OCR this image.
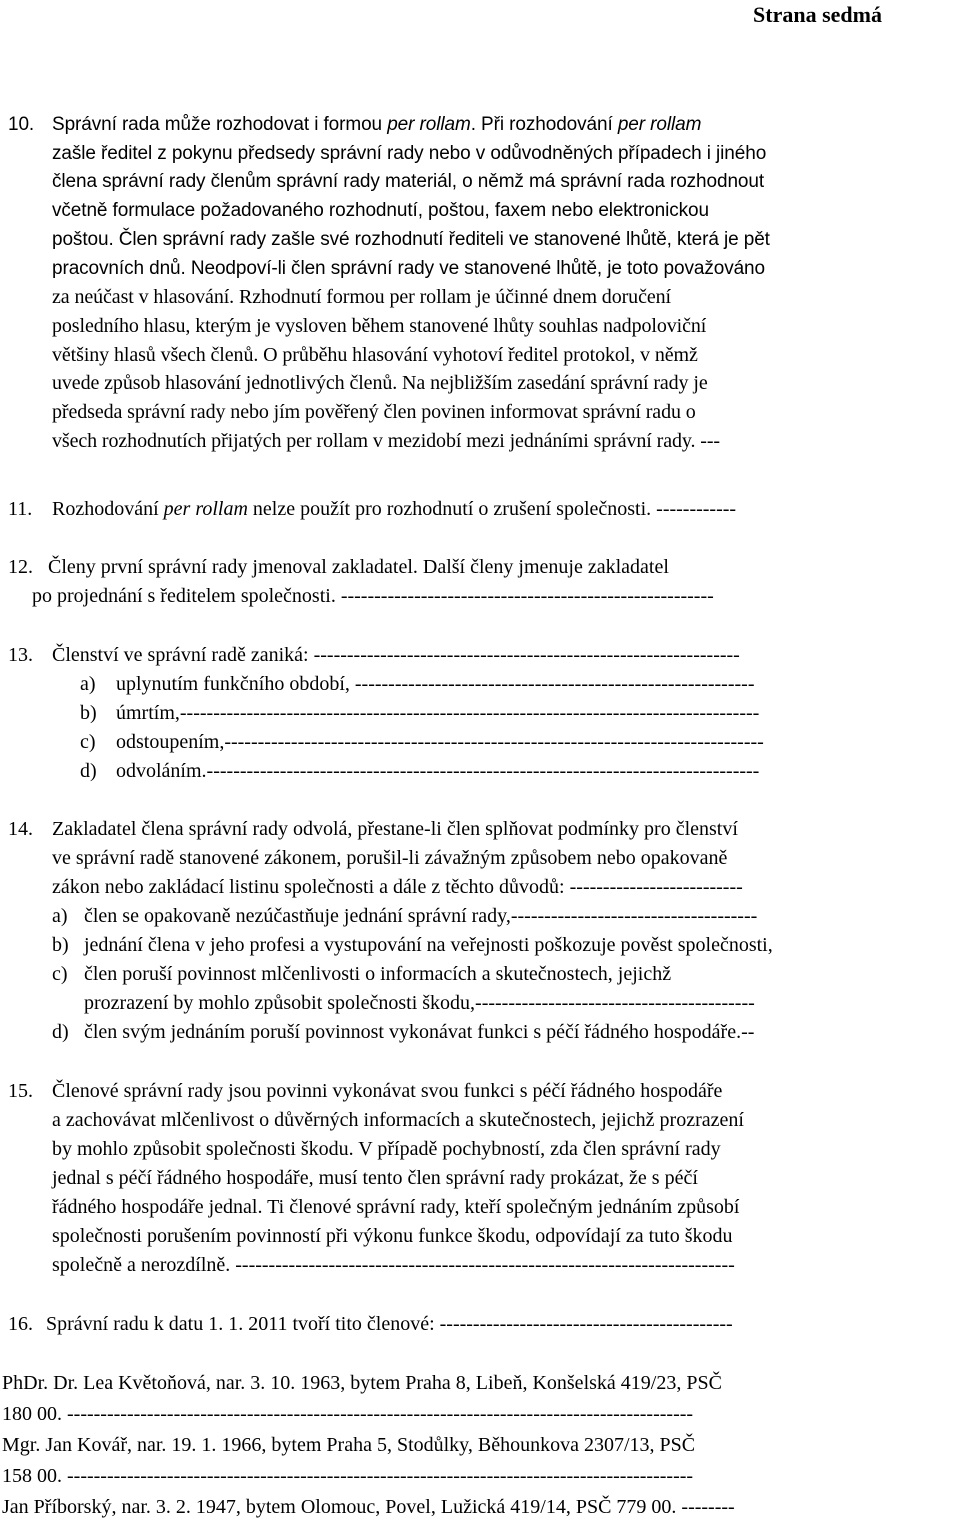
Strana sedmá
10. Správní rada může rozhodovat i formou per rollam. Při rozhodování per rollam
zašle ředitel z pokynu předsedy správní rady nebo v odůvodněných případech i jiného
člena správní rady členům správní rady materiál, o němž má správní rada rozhodnout
včetně formulace požadovaného rozhodnutí, poštou, faxem nebo elektronickou
poštou. Člen správní rady zašle své rozhodnutí řediteli ve stanovené lhůtě, která je pět
pracovních dnů. Neodpoví-li člen správní rady ve stanovené lhůtě, je toto považováno
za neúčast v hlasování. Rzhodnutí formou per rollam je účinné dnem doručení
posledního hlasu, kterým je vysloven během stanovené lhůty souhlas nadpoloviční
většiny hlasů všech členů. O průběhu hlasování vyhotoví ředitel protokol, v němž
uvede způsob hlasování jednotlivých členů. Na nejbližším zasedání správní rady je
předseda správní rady nebo jím pověřený člen povinen informovat správní radu o
všech rozhodnutích přijatých per rollam v mezidobí mezi jednáními správní rady. ---
11. Rozhodování per rollam nelze použít pro rozhodnutí o zrušení společnosti. ------------
12. Členy první správní rady jmenoval zakladatel. Další členy jmenuje zakladatel
po projednání s ředitelem společnosti. --------------------------------------------------------
13. Členství ve správní radě zaniká: ----------------------------------------------------------------
a) uplynutím funkčního období, ------------------------------------------------------------
b) úmrtím,---------------------------------------------------------------------------------------
c) odstoupením,---------------------------------------------------------------------------------
d) odvoláním.-----------------------------------------------------------------------------------
14. Zakladatel člena správní rady odvolá, přestane-li člen splňovat podmínky pro členství
ve správní radě stanovené zákonem, porušil-li závažným způsobem nebo opakovaně
zákon nebo zakládací listinu společnosti a dále z těchto důvodů: --------------------------
a) člen se opakovaně nezúčastňuje jednání správní rady,-------------------------------------
b) jednání člena v jeho profesi a vystupování na veřejnosti poškozuje pověst společnosti,
c) člen poruší povinnost mlčenlivosti o informacích a skutečnostech, jejichž
prozrazení by mohlo způsobit společnosti škodu,------------------------------------------
d) člen svým jednáním poruší povinnost vykonávat funkci s péčí řádného hospodáře.--
15. Členové správní rady jsou povinni vykonávat svou funkci s péčí řádného hospodáře
a zachovávat mlčenlivost o důvěrných informacích a skutečnostech, jejichž prozrazení
by mohlo způsobit společnosti škodu. V případě pochybností, zda člen správní rady
jednal s péčí řádného hospodáře, musí tento člen správní rady prokázat, že s péčí
řádného hospodáře jednal. Ti členové správní rady, kteří společným jednáním způsobí
společnosti porušením povinností při výkonu funkce škodu, odpovídají za tuto škodu
společně a nerozdílně. ---------------------------------------------------------------------------
16. Správní radu k datu 1. 1. 2011 tvoří tito členové: --------------------------------------------
PhDr. Dr. Lea Květoňová, nar. 3. 10. 1963, bytem Praha 8, Libeň, Konšelská 419/23, PSČ
180 00. ----------------------------------------------------------------------------------------------
Mgr. Jan Kovář, nar. 19. 1. 1966, bytem Praha 5, Stodůlky, Běhounkova 2307/13, PSČ
158 00. ----------------------------------------------------------------------------------------------
Jan Příborský, nar. 3. 2. 1947, bytem Olomouc, Povel, Lužická 419/14, PSČ 779 00. --------
